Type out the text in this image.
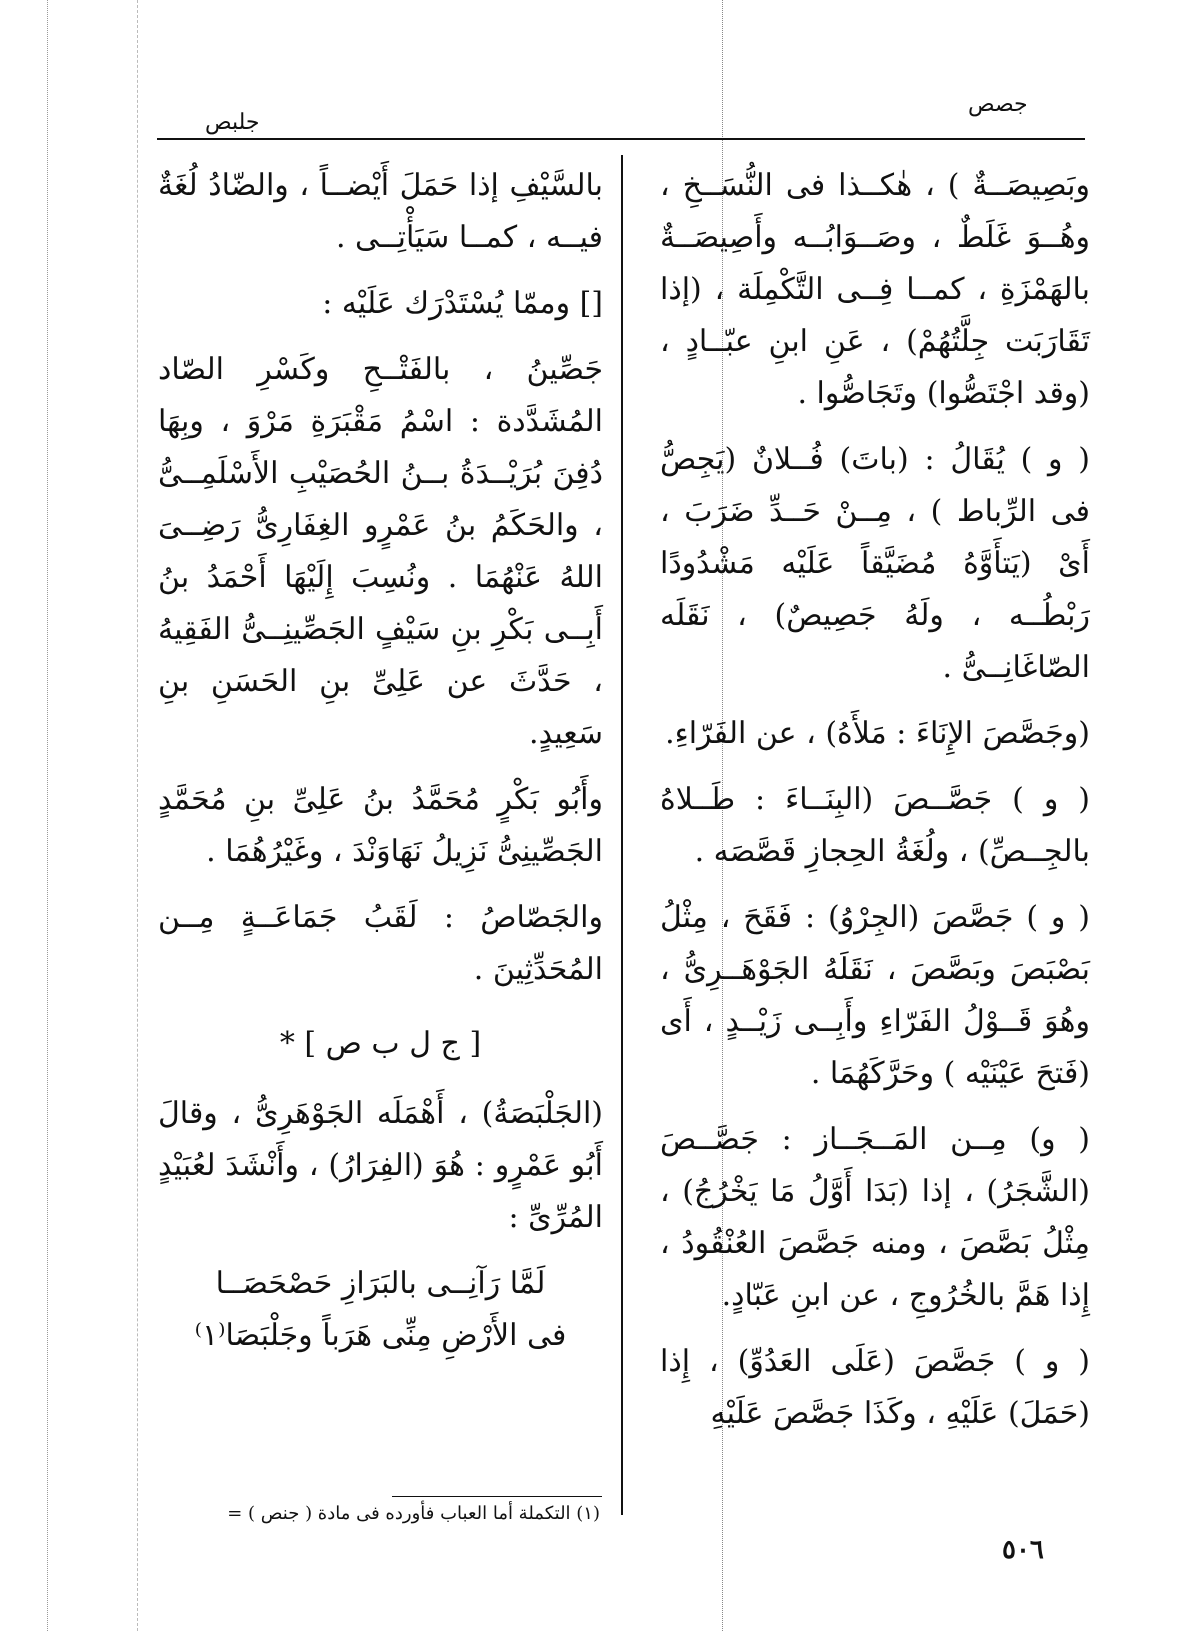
جلبص
جصص

وبَصِيصَــةٌ ) ، هٰكــذا فى النُّسَــخِ ، وهُــوَ غَلَطٌ ، وصَــوَابُــه وأَصِيصَــةٌ بالهَمْزَةِ ، كمــا فِــى التَّكْمِلَة ، (إذا تَقَارَبَت جِلَّتُهُمْ) ، عَنِ ابنِ عبّــادٍ ، (وقد اجْتَصُّوا) وتَجَاصُّوا .

( و ) يُقَالُ : (باتَ) فُــلانٌ (يَجِصُّ فى الرِّباط ) ، مِــنْ حَــدِّ ضَرَبَ ، أَىْ (يَتأَوَّهُ مُضَيَّقاً عَلَيْه مَشْدُودًا رَبْطُــه ، ولَهُ جَصِيصٌ) ، نَقَلَه الصّاغَانِــىُّ .

(وجَصَّصَ الإِنَاءَ : مَلأَهُ) ، عن الفَرّاءِ.

( و ) جَصَّــصَ (البِنَــاءَ : طَــلاهُ بالجِــصِّ) ، ولُغَةُ الحِجازِ قَصَّصَه .

( و ) جَصَّصَ (الجِرْوُ) : فَقَحَ ، مِثْلُ بَصْبَصَ وبَصَّصَ ، نَقَلَهُ الجَوْهَــرِىُّ ، وهُوَ قَــوْلُ الفَرّاءِ وأَبِــى زَيْــدٍ ، أَى (فَتحَ عَيْنَيْه ) وحَرَّكَهُمَا .

( و) مِــن المَــجَــاز : جَصَّــصَ (الشَّجَرُ) ، إذا (بَدَا أَوَّلُ مَا يَخْرُجُ) ، مِثْلُ بَصَّصَ ، ومنه جَصَّصَ العُنْقُودُ ، إِذا هَمَّ بالخُرُوجِ ، عن ابنِ عَبّادٍ.

( و ) جَصَّصَ (عَلَى العَدُوِّ) ، إِذا (حَمَلَ) عَلَيْهِ ، وكَذَا جَصَّصَ عَلَيْهِ

بالسَّيْفِ إذا حَمَلَ أَيْضــاً ، والضّادُ لُغَةٌ فيــه ، كمــا سَيَأْتِــى .

[] وممّا يُسْتَدْرَك عَلَيْه :

جَصِّينُ ، بالفَتْــحِ وكَسْرِ الصّاد المُشَدَّدة : اسْمُ مَقْبَرَةِ مَرْوَ ، وبِهَا دُفِنَ بُرَيْــدَةُ بــنُ الحُصَيْبِ الأَسْلَمِــىُّ ، والحَكَمُ بنُ عَمْرٍو الغِفَارِىُّ رَضِــىَ اللهُ عَنْهُمَا . ونُسِبَ إِلَيْهَا أَحْمَدُ بنُ أَبِــى بَكْرِ بنِ سَيْفٍ الجَصِّينِــىُّ الفَقِيهُ ، حَدَّثَ عن عَلِىِّ بنِ الحَسَنِ بنِ سَعِيدٍ.

وأَبُو بَكْرٍ مُحَمَّدُ بنُ عَلِىِّ بنِ مُحَمَّدٍ الجَصِّينِىُّ نَزِيلُ نَهَاوَنْدَ ، وغَيْرُهُمَا .

والجَصّاصُ : لَقَبُ جَمَاعَــةٍ مِــن المُحَدِّثِينَ .

[ ج ل ب ص ] *

(الجَلْبَصَةُ) ، أَهْمَلَه الجَوْهَرِىُّ ، وقالَ أَبُو عَمْرٍو : هُوَ (الفِرَارُ) ، وأَنْشَدَ لعُبَيْدٍ المُرِّىِّ :

لَمَّا رَآنِــى بالبَرَازِ حَصْحَصَــا

فى الأَرْضِ مِنِّى هَرَباً وجَلْبَصَا⁽١⁾

(١) التكملة أما العباب فأورده فى مادة ( جنص ) =
٥٠٦
